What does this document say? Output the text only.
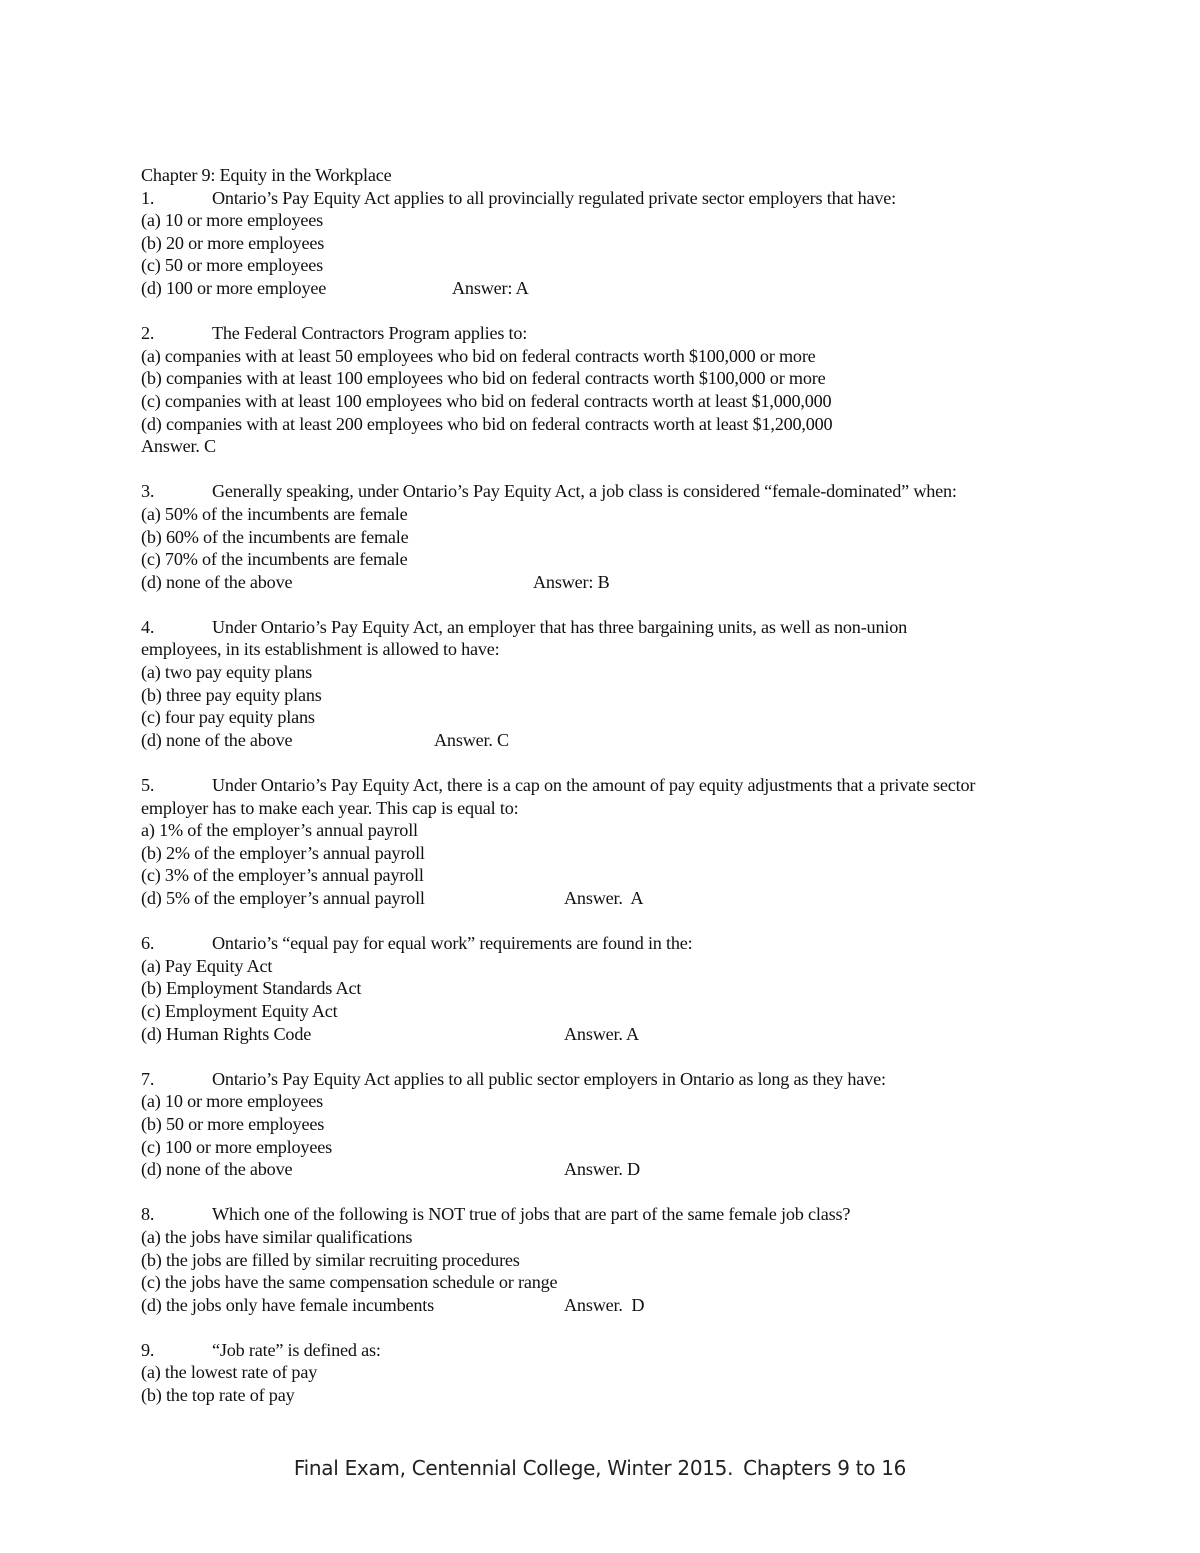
Chapter 9: Equity in the Workplace
1.	Ontario’s Pay Equity Act applies to all provincially regulated private sector employers that have:
(a) 10 or more employees
(b) 20 or more employees
(c) 50 or more employees
(d) 100 or more employee	Answer: A
2.	The Federal Contractors Program applies to:
(a) companies with at least 50 employees who bid on federal contracts worth $100,000 or more
(b) companies with at least 100 employees who bid on federal contracts worth $100,000 or more
(c) companies with at least 100 employees who bid on federal contracts worth at least $1,000,000
(d) companies with at least 200 employees who bid on federal contracts worth at least $1,200,000
Answer. C
3.	Generally speaking, under Ontario’s Pay Equity Act, a job class is considered “female-dominated” when:
(a) 50% of the incumbents are female
(b) 60% of the incumbents are female
(c) 70% of the incumbents are female
(d) none of the above	Answer: B
4.	Under Ontario’s Pay Equity Act, an employer that has three bargaining units, as well as non-union
employees, in its establishment is allowed to have:
(a) two pay equity plans
(b) three pay equity plans
(c) four pay equity plans
(d) none of the above	Answer. C
5.	Under Ontario’s Pay Equity Act, there is a cap on the amount of pay equity adjustments that a private sector
employer has to make each year. This cap is equal to:
a) 1% of the employer’s annual payroll
(b) 2% of the employer’s annual payroll
(c) 3% of the employer’s annual payroll
(d) 5% of the employer’s annual payroll	Answer.  A
6.	Ontario’s “equal pay for equal work” requirements are found in the:
(a) Pay Equity Act
(b) Employment Standards Act
(c) Employment Equity Act
(d) Human Rights Code	Answer. A
7.	Ontario’s Pay Equity Act applies to all public sector employers in Ontario as long as they have:
(a) 10 or more employees
(b) 50 or more employees
(c) 100 or more employees
(d) none of the above	Answer. D
8.	Which one of the following is NOT true of jobs that are part of the same female job class?
(a) the jobs have similar qualifications
(b) the jobs are filled by similar recruiting procedures
(c) the jobs have the same compensation schedule or range
(d) the jobs only have female incumbents	Answer.  D
9.	“Job rate” is defined as:
(a) the lowest rate of pay
(b) the top rate of pay
Final Exam, Centennial College, Winter 2015. Chapters 9 to 16
